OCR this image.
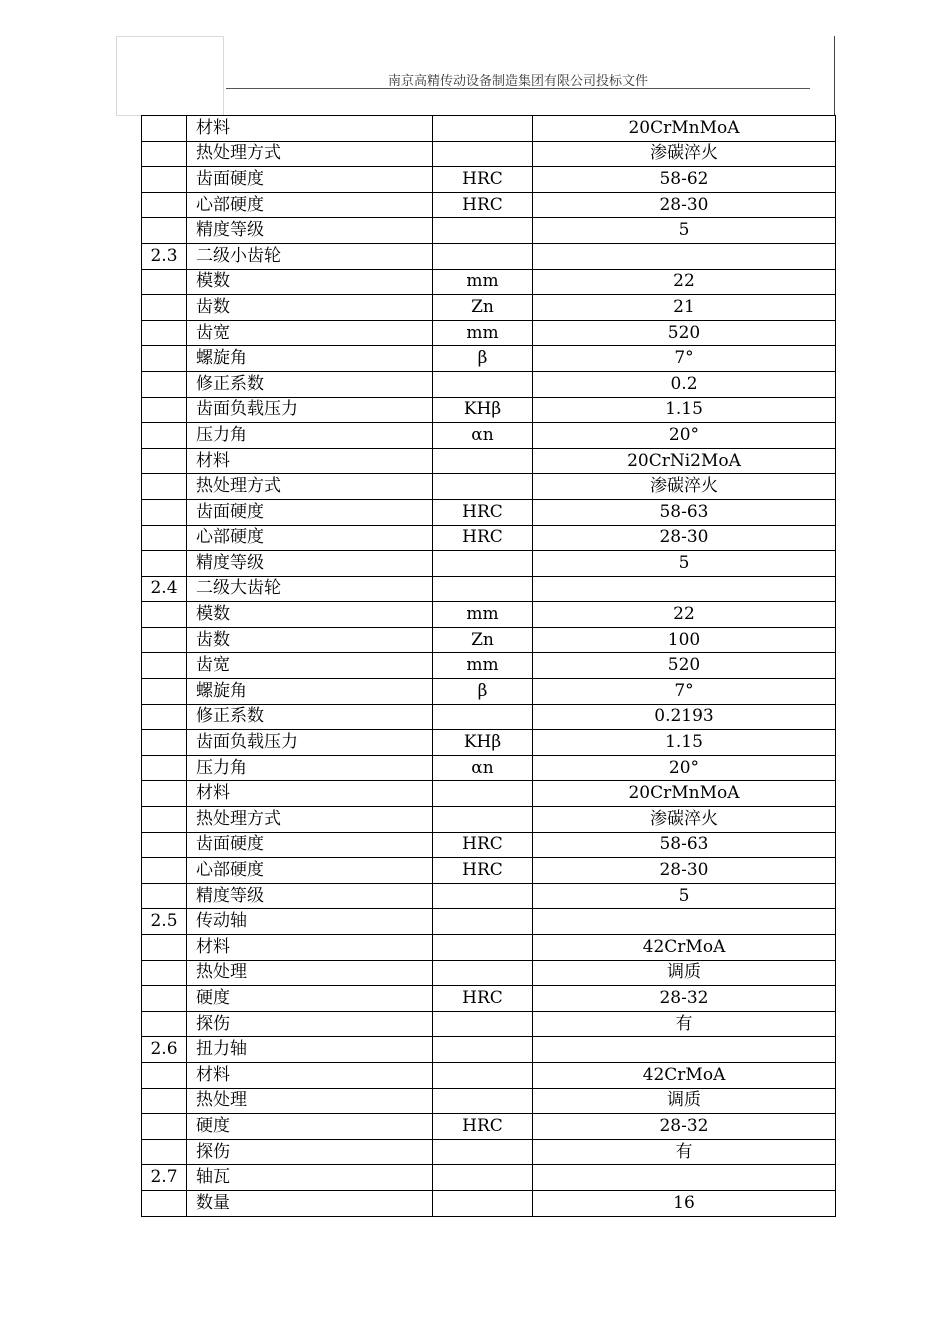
南京高精传动设备制造集团有限公司投标文件
	材料		20CrMnMoA
	热处理方式		渗碳淬火
	齿面硬度	HRC	58-62
	心部硬度	HRC	28-30
	精度等级		5
2.3	二级小齿轮		
	模数	mm	22
	齿数	Zn	21
	齿宽	mm	520
	螺旋角	β	7°
	修正系数		0.2
	齿面负载压力	KHβ	1.15
	压力角	αn	20°
	材料		20CrNi2MoA
	热处理方式		渗碳淬火
	齿面硬度	HRC	58-63
	心部硬度	HRC	28-30
	精度等级		5
2.4	二级大齿轮		
	模数	mm	22
	齿数	Zn	100
	齿宽	mm	520
	螺旋角	β	7°
	修正系数		0.2193
	齿面负载压力	KHβ	1.15
	压力角	αn	20°
	材料		20CrMnMoA
	热处理方式		渗碳淬火
	齿面硬度	HRC	58-63
	心部硬度	HRC	28-30
	精度等级		5
2.5	传动轴		
	材料		42CrMoA
	热处理		调质
	硬度	HRC	28-32
	探伤		有
2.6	扭力轴		
	材料		42CrMoA
	热处理		调质
	硬度	HRC	28-32
	探伤		有
2.7	轴瓦		
	数量		16
